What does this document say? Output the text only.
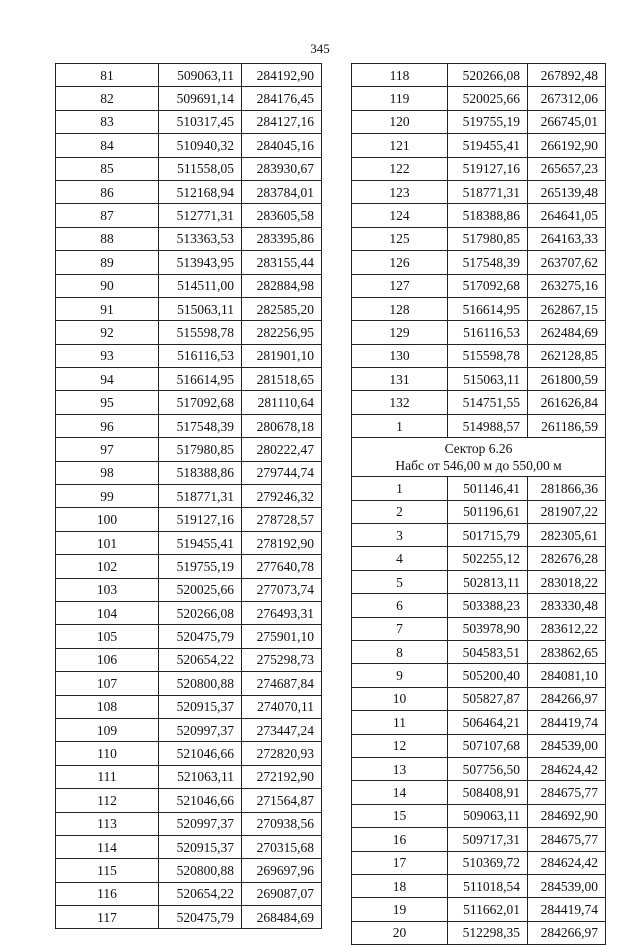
345
81	509063,11	284192,90
82	509691,14	284176,45
83	510317,45	284127,16
84	510940,32	284045,16
85	511558,05	283930,67
86	512168,94	283784,01
87	512771,31	283605,58
88	513363,53	283395,86
89	513943,95	283155,44
90	514511,00	282884,98
91	515063,11	282585,20
92	515598,78	282256,95
93	516116,53	281901,10
94	516614,95	281518,65
95	517092,68	281110,64
96	517548,39	280678,18
97	517980,85	280222,47
98	518388,86	279744,74
99	518771,31	279246,32
100	519127,16	278728,57
101	519455,41	278192,90
102	519755,19	277640,78
103	520025,66	277073,74
104	520266,08	276493,31
105	520475,79	275901,10
106	520654,22	275298,73
107	520800,88	274687,84
108	520915,37	274070,11
109	520997,37	273447,24
110	521046,66	272820,93
111	521063,11	272192,90
112	521046,66	271564,87
113	520997,37	270938,56
114	520915,37	270315,68
115	520800,88	269697,96
116	520654,22	269087,07
117	520475,79	268484,69
118	520266,08	267892,48
119	520025,66	267312,06
120	519755,19	266745,01
121	519455,41	266192,90
122	519127,16	265657,23
123	518771,31	265139,48
124	518388,86	264641,05
125	517980,85	264163,33
126	517548,39	263707,62
127	517092,68	263275,16
128	516614,95	262867,15
129	516116,53	262484,69
130	515598,78	262128,85
131	515063,11	261800,59
132	514751,55	261626,84
1	514988,57	261186,59

Сектор 6.26
Набс от 546,00 м до 550,00 м		

1	501146,41	281866,36
2	501196,61	281907,22
3	501715,79	282305,61
4	502255,12	282676,28
5	502813,11	283018,22
6	503388,23	283330,48
7	503978,90	283612,22
8	504583,51	283862,65
9	505200,40	284081,10
10	505827,87	284266,97
11	506464,21	284419,74
12	507107,68	284539,00
13	507756,50	284624,42
14	508408,91	284675,77
15	509063,11	284692,90
16	509717,31	284675,77
17	510369,72	284624,42
18	511018,54	284539,00
19	511662,01	284419,74
20	512298,35	284266,97
